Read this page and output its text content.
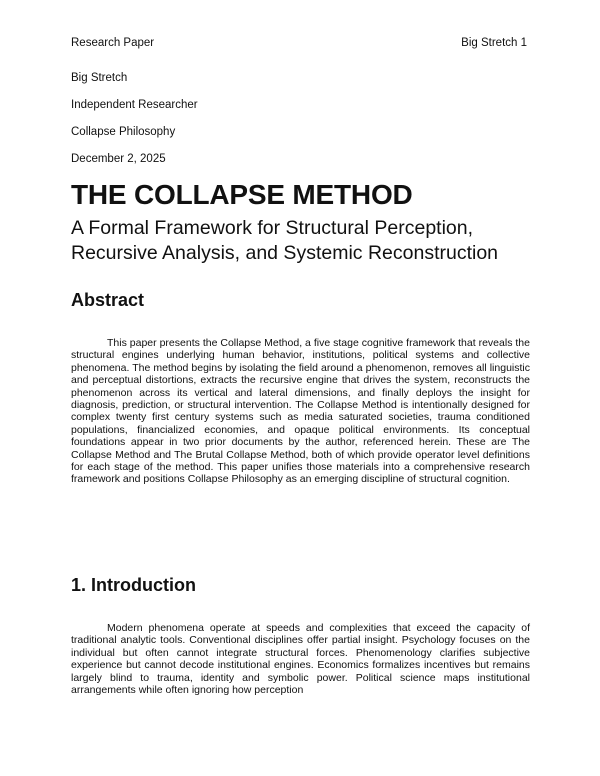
Research Paper	Big Stretch 1
Big Stretch
Independent Researcher
Collapse Philosophy
December 2, 2025
THE COLLAPSE METHOD
A Formal Framework for Structural Perception, Recursive Analysis, and Systemic Reconstruction
Abstract

This paper presents the Collapse Method, a five stage cognitive framework that reveals the structural engines underlying human behavior, institutions, political systems and collective phenomena. The method begins by isolating the field around a phenomenon, removes all linguistic and perceptual distortions, extracts the recursive engine that drives the system, reconstructs the phenomenon across its vertical and lateral dimensions, and finally deploys the insight for diagnosis, prediction, or structural intervention. The Collapse Method is intentionally designed for complex twenty first century systems such as media saturated societies, trauma conditioned populations, financialized economies, and opaque political environments. Its conceptual foundations appear in two prior documents by the author, referenced herein. These are The Collapse Method and The Brutal Collapse Method, both of which provide operator level definitions for each stage of the method. This paper unifies those materials into a comprehensive research framework and positions Collapse Philosophy as an emerging discipline of structural cognition.

1. Introduction

Modern phenomena operate at speeds and complexities that exceed the capacity of traditional analytic tools. Conventional disciplines offer partial insight. Psychology focuses on the individual but often cannot integrate structural forces. Phenomenology clarifies subjective experience but cannot decode institutional engines. Economics formalizes incentives but remains largely blind to trauma, identity and symbolic power. Political science maps institutional arrangements while often ignoring how perception
